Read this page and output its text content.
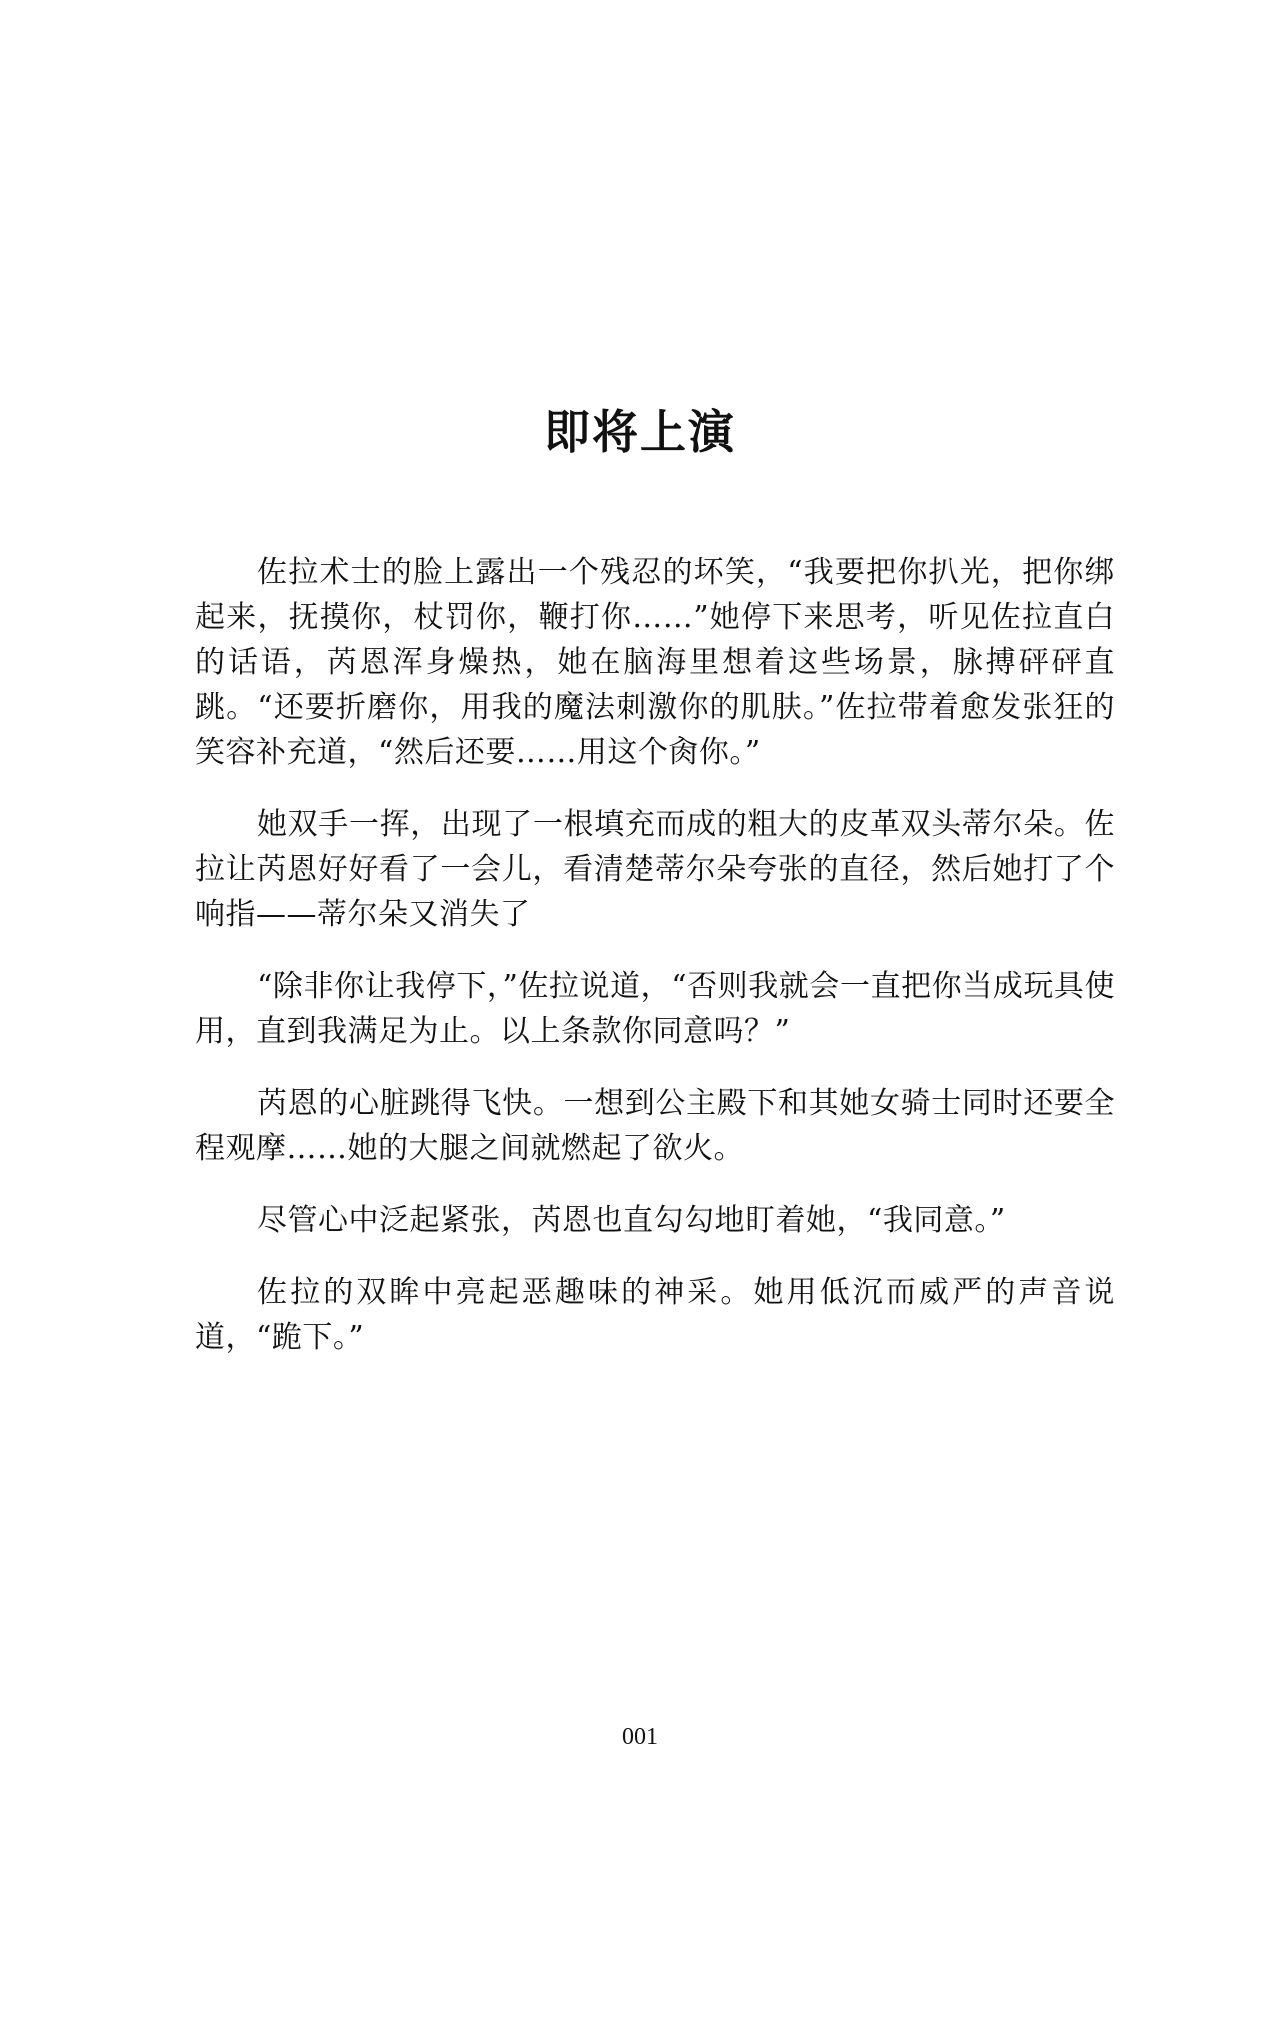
即将上演

佐拉术士的脸上露出一个残忍的坏笑，“我要把你扒光，把你绑起来，抚摸你，杖罚你，鞭打你……”她停下来思考，听见佐拉直白的话语，芮恩浑身燥热，她在脑海里想着这些场景，脉搏砰砰直跳。“还要折磨你，用我的魔法刺激你的肌肤。”佐拉带着愈发张狂的笑容补充道，“然后还要……用这个肏你。”

她双手一挥，出现了一根填充而成的粗大的皮革双头蒂尔朵。佐拉让芮恩好好看了一会儿，看清楚蒂尔朵夸张的直径，然后她打了个响指——蒂尔朵又消失了

“除非你让我停下，”佐拉说道，“否则我就会一直把你当成玩具使用，直到我满足为止。以上条款你同意吗？”

芮恩的心脏跳得飞快。一想到公主殿下和其她女骑士同时还要全程观摩……她的大腿之间就燃起了欲火。

尽管心中泛起紧张，芮恩也直勾勾地盯着她，“我同意。”

佐拉的双眸中亮起恶趣味的神采。她用低沉而威严的声音说道，“跪下。”

001
